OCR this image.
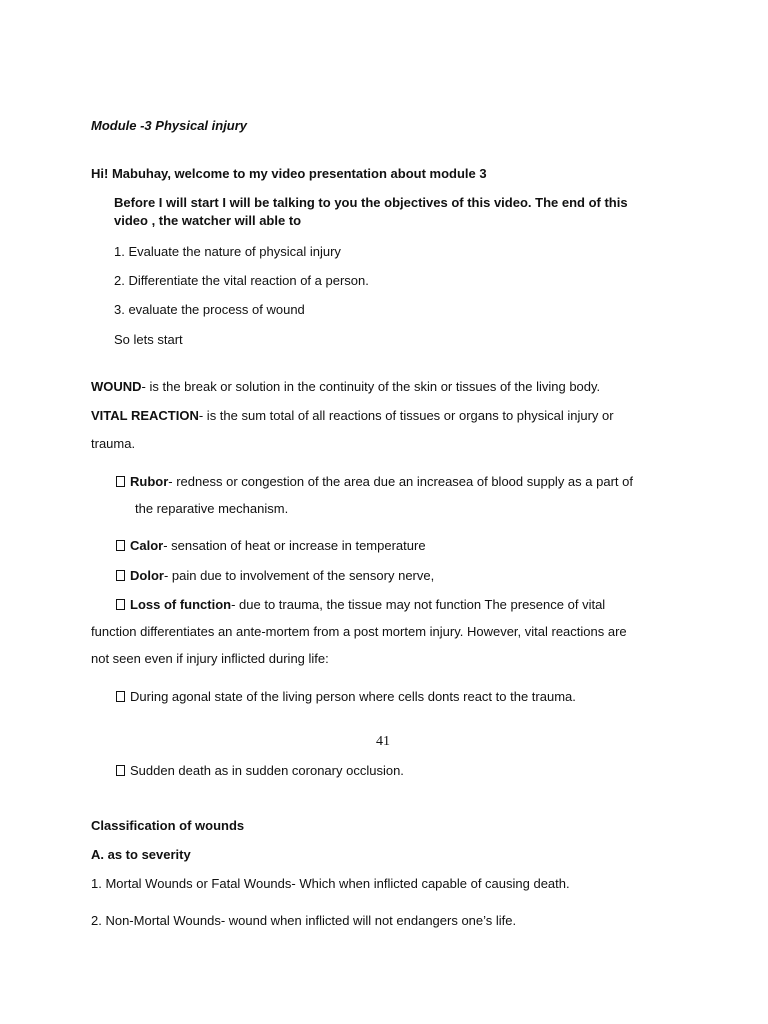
Module -3 Physical injury
Hi! Mabuhay, welcome to my video presentation about module 3
Before I will start I will be talking to you the objectives of this video. The end of this
video , the watcher will able to
1. Evaluate the nature of physical injury
2. Differentiate the vital reaction of a person.
3. evaluate the process of wound
So lets start
WOUND- is the break or solution in the continuity of the skin or tissues of the living body.
VITAL REACTION- is the sum total of all reactions of tissues or organs to physical injury or
trauma.
Rubor- redness or congestion of the area due an increasea of blood supply as a part of
the reparative mechanism.
Calor- sensation of heat or increase in temperature
Dolor- pain due to involvement of the sensory nerve,
Loss of function- due to trauma, the tissue may not function The presence of vital
function differentiates an ante-mortem from a post mortem injury. However, vital reactions are
not seen even if injury inflicted during life:
During agonal state of the living person where cells donts react to the trauma.
41
Sudden death as in sudden coronary occlusion.
Classification of wounds
A. as to severity
1. Mortal Wounds or Fatal Wounds- Which when inflicted capable of causing death.
2. Non-Mortal Wounds- wound when inflicted will not endangers one’s life.
